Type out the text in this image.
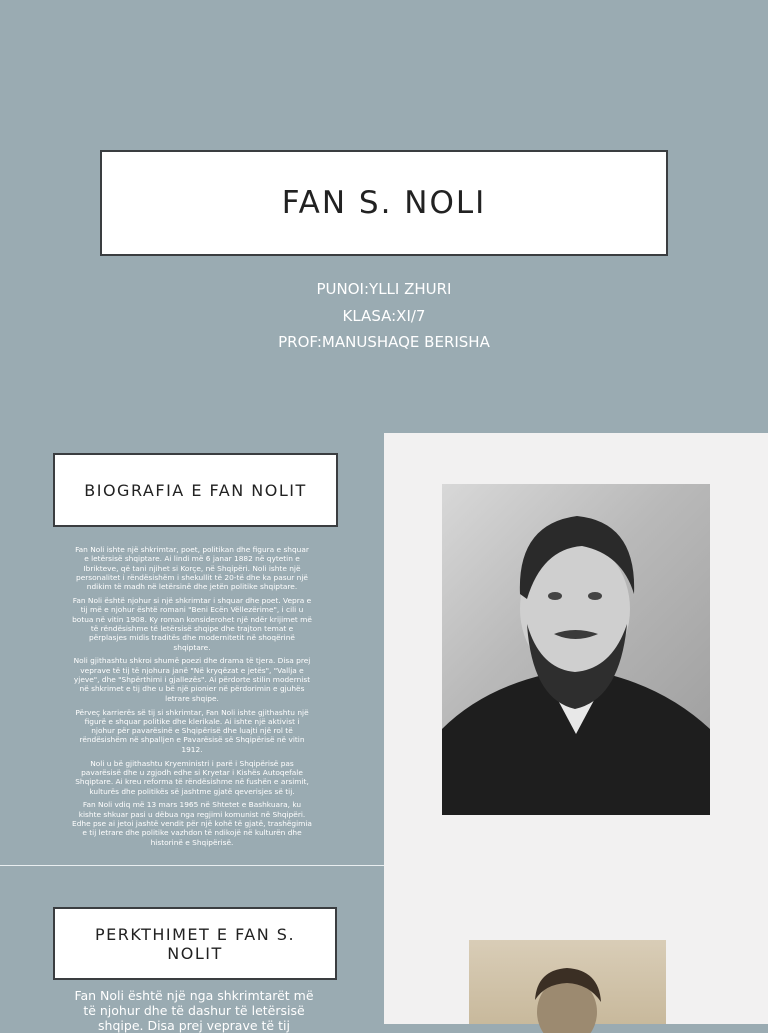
FAN S. NOLI
PUNOI:YLLI ZHURI
KLASA:XI/7
PROF:MANUSHAQE BERISHA
BIOGRAFIA E FAN NOLIT

Fan Noli ishte një shkrimtar, poet, politikan dhe figura e shquar e letërsisë shqiptare. Ai lindi më 6 janar 1882 në qytetin e Ibrikteve, që tani njihet si Korçe, në Shqipëri. Noli ishte një personalitet i rëndësishëm i shekullit të 20-të dhe ka pasur një ndikim të madh në letërsinë dhe jetën politike shqiptare.

Fan Noli është njohur si një shkrimtar i shquar dhe poet. Vepra e tij më e njohur është romani "Beni Ecën Vëllezërime", i cili u botua në vitin 1908. Ky roman konsiderohet një ndër krijimet më të rëndësishme të letërsisë shqipe dhe trajton temat e përplasjes midis traditës dhe modernitetit në shoqërinë shqiptare.

Noli gjithashtu shkroi shumë poezi dhe drama të tjera. Disa prej veprave të tij të njohura janë "Në kryqëzat e jetës", "Vallja e yjeve", dhe "Shpërthimi i gjallezës". Ai përdorte stilin modernist në shkrimet e tij dhe u bë një pionier në përdorimin e gjuhës letrare shqipe.

Përveç karrierës së tij si shkrimtar, Fan Noli ishte gjithashtu një figurë e shquar politike dhe klerikale. Ai ishte një aktivist i njohur për pavarësinë e Shqipërisë dhe luajti një rol të rëndësishëm në shpalljen e Pavarësisë së Shqipërisë në vitin 1912.

Noli u bë gjithashtu Kryeministri i parë i Shqipërisë pas pavarësisë dhe u zgjodh edhe si Kryetar i Kishës Autoqefale Shqiptare. Ai kreu reforma të rëndësishme në fushën e arsimit, kulturës dhe politikës së jashtme gjatë qeverisjes së tij.

Fan Noli vdiq më 13 mars 1965 në Shtetet e Bashkuara, ku kishte shkuar pasi u dëbua nga regjimi komunist në Shqipëri. Edhe pse ai jetoi jashtë vendit për një kohë të gjatë, trashëgimia e tij letrare dhe politike vazhdon të ndikojë në kulturën dhe historinë e Shqipërisë.

PERKTHIMET E FAN S.
NOLIT
Fan Noli është një nga shkrimtarët më të njohur dhe të dashur të letërsisë shqipe. Disa prej veprave të tij
